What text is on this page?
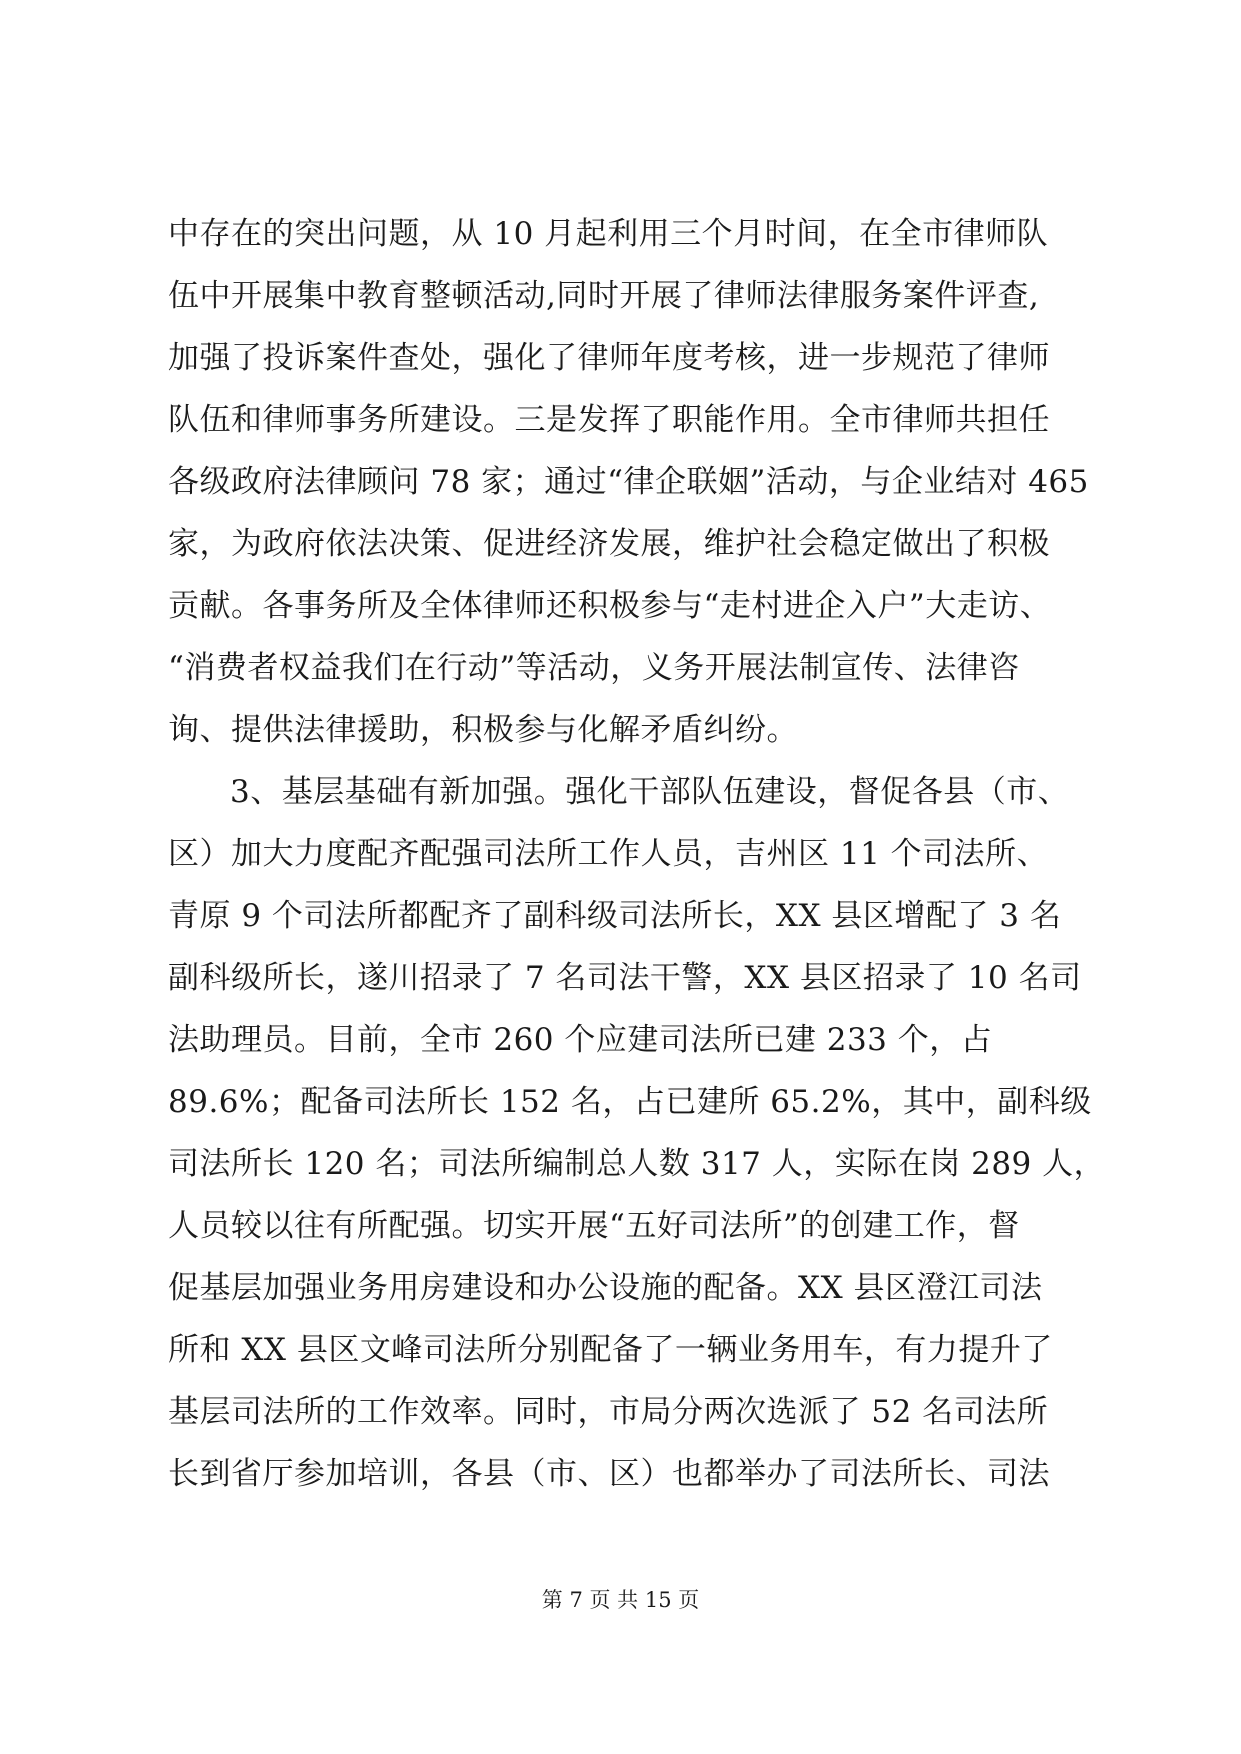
中存在的突出问题，从 10 月起利用三个月时间，在全市律师队
伍中开展集中教育整顿活动,同时开展了律师法律服务案件评查,
加强了投诉案件查处，强化了律师年度考核，进一步规范了律师
队伍和律师事务所建设。三是发挥了职能作用。全市律师共担任
各级政府法律顾问 78 家；通过“律企联姻”活动，与企业结对 465
家，为政府依法决策、促进经济发展，维护社会稳定做出了积极
贡献。各事务所及全体律师还积极参与“走村进企入户”大走访、
“消费者权益我们在行动”等活动，义务开展法制宣传、法律咨
询、提供法律援助，积极参与化解矛盾纠纷。
3、基层基础有新加强。强化干部队伍建设，督促各县（市、
区）加大力度配齐配强司法所工作人员，吉州区 11 个司法所、
青原 9 个司法所都配齐了副科级司法所长，XX 县区增配了 3 名
副科级所长，遂川招录了 7 名司法干警，XX 县区招录了 10 名司
法助理员。目前，全市 260 个应建司法所已建 233 个，占
89.6%；配备司法所长 152 名，占已建所 65.2%，其中，副科级
司法所长 120 名；司法所编制总人数 317 人，实际在岗 289 人，
人员较以往有所配强。切实开展“五好司法所”的创建工作，督
促基层加强业务用房建设和办公设施的配备。XX 县区澄江司法
所和 XX 县区文峰司法所分别配备了一辆业务用车，有力提升了
基层司法所的工作效率。同时，市局分两次选派了 52 名司法所
长到省厅参加培训，各县（市、区）也都举办了司法所长、司法
第 7 页 共 15 页
